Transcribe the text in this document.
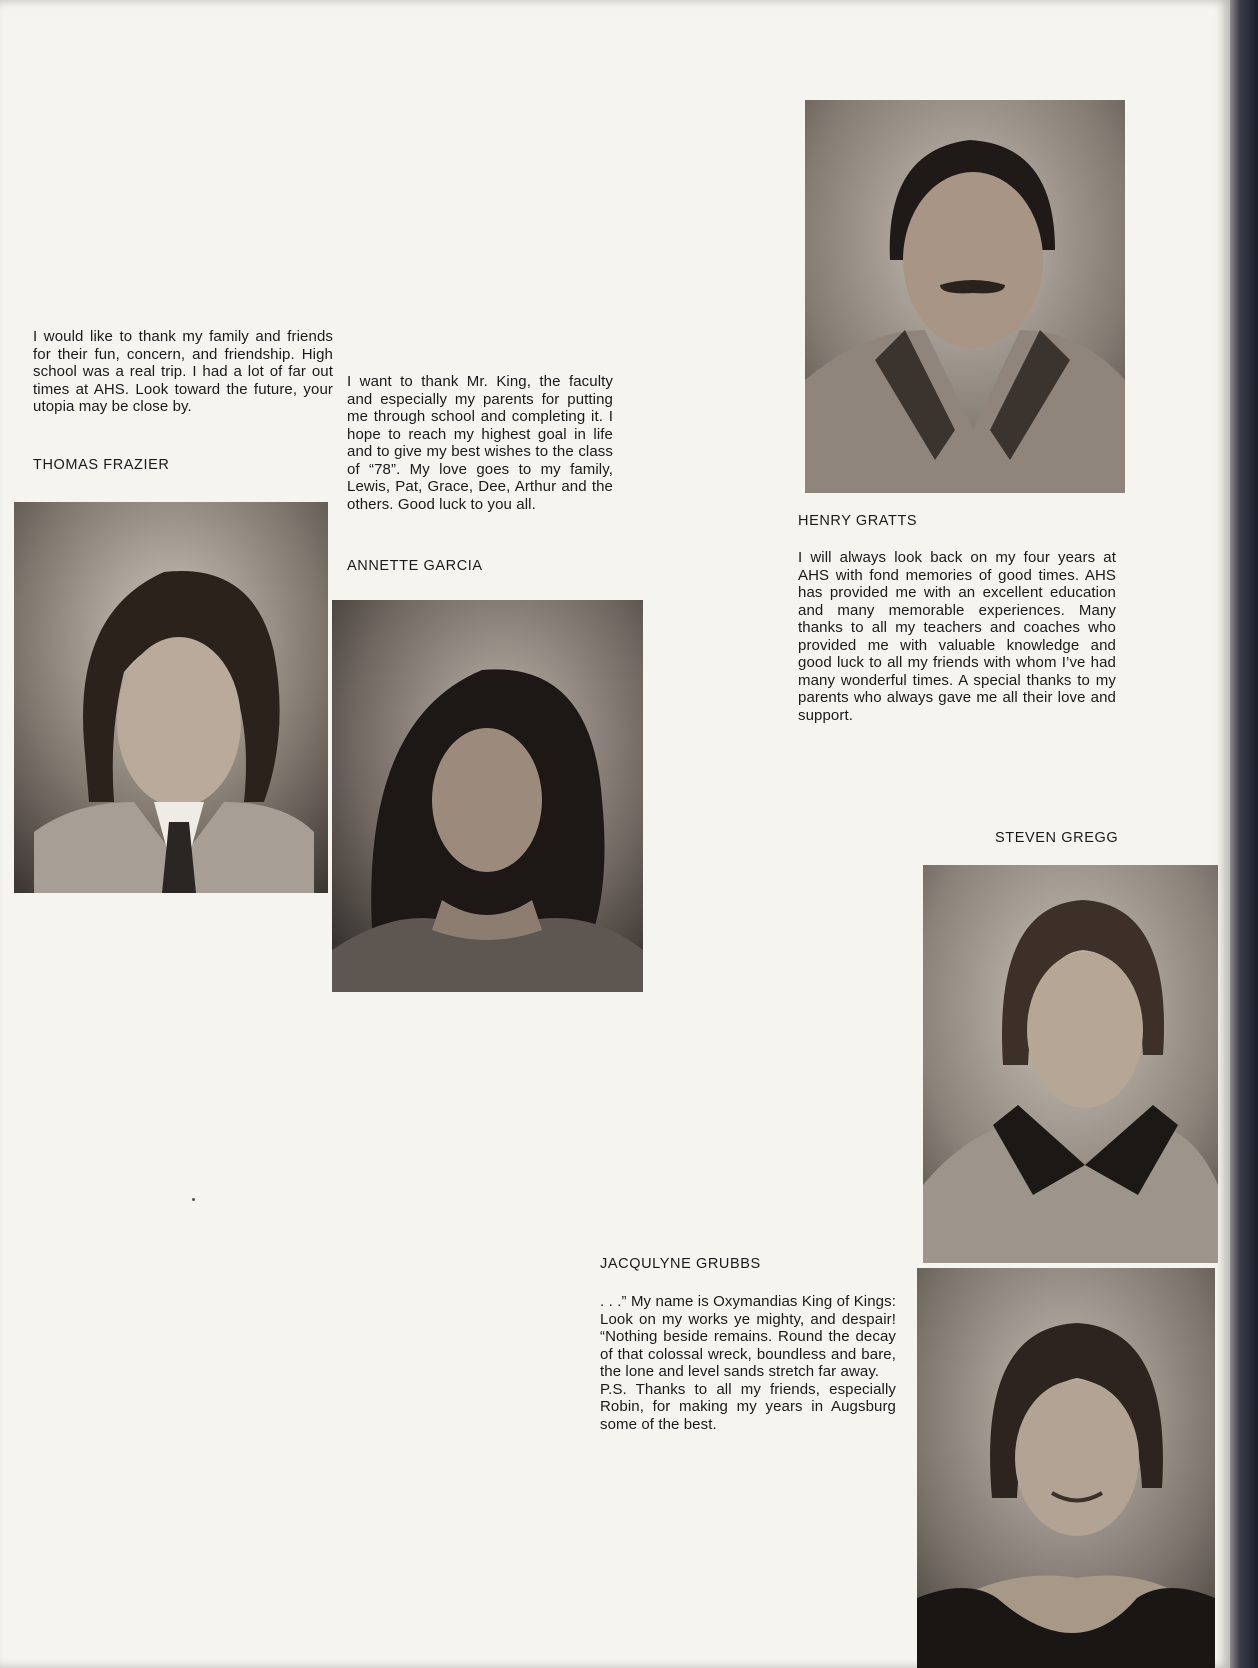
I would like to thank my family and friends for their fun, concern, and friendship. High school was a real trip. I had a lot of far out times at AHS. Look toward the future, your utopia may be close by.

THOMAS FRAZIER

I want to thank Mr. King, the faculty and especially my parents for putting me through school and completing it. I hope to reach my highest goal in life and to give my best wishes to the class of “78”. My love goes to my family, Lewis, Pat, Grace, Dee, Arthur and the others. Good luck to you all.

ANNETTE GARCIA

HENRY GRATTS

I will always look back on my four years at AHS with fond memories of good times. AHS has provided me with an excellent education and many memorable experiences. Many thanks to all my teachers and coaches who provided me with valuable knowledge and good luck to all my friends with whom I’ve had many wonderful times. A special thanks to my parents who always gave me all their love and support.

STEVEN GREGG

JACQULYNE GRUBBS

. . .” My name is Oxymandias King of Kings: Look on my works ye mighty, and despair! “Nothing beside remains. Round the decay of that colossal wreck, boundless and bare, the lone and level sands stretch far away.
P.S. Thanks to all my friends, especially Robin, for making my years in Augsburg some of the best.
